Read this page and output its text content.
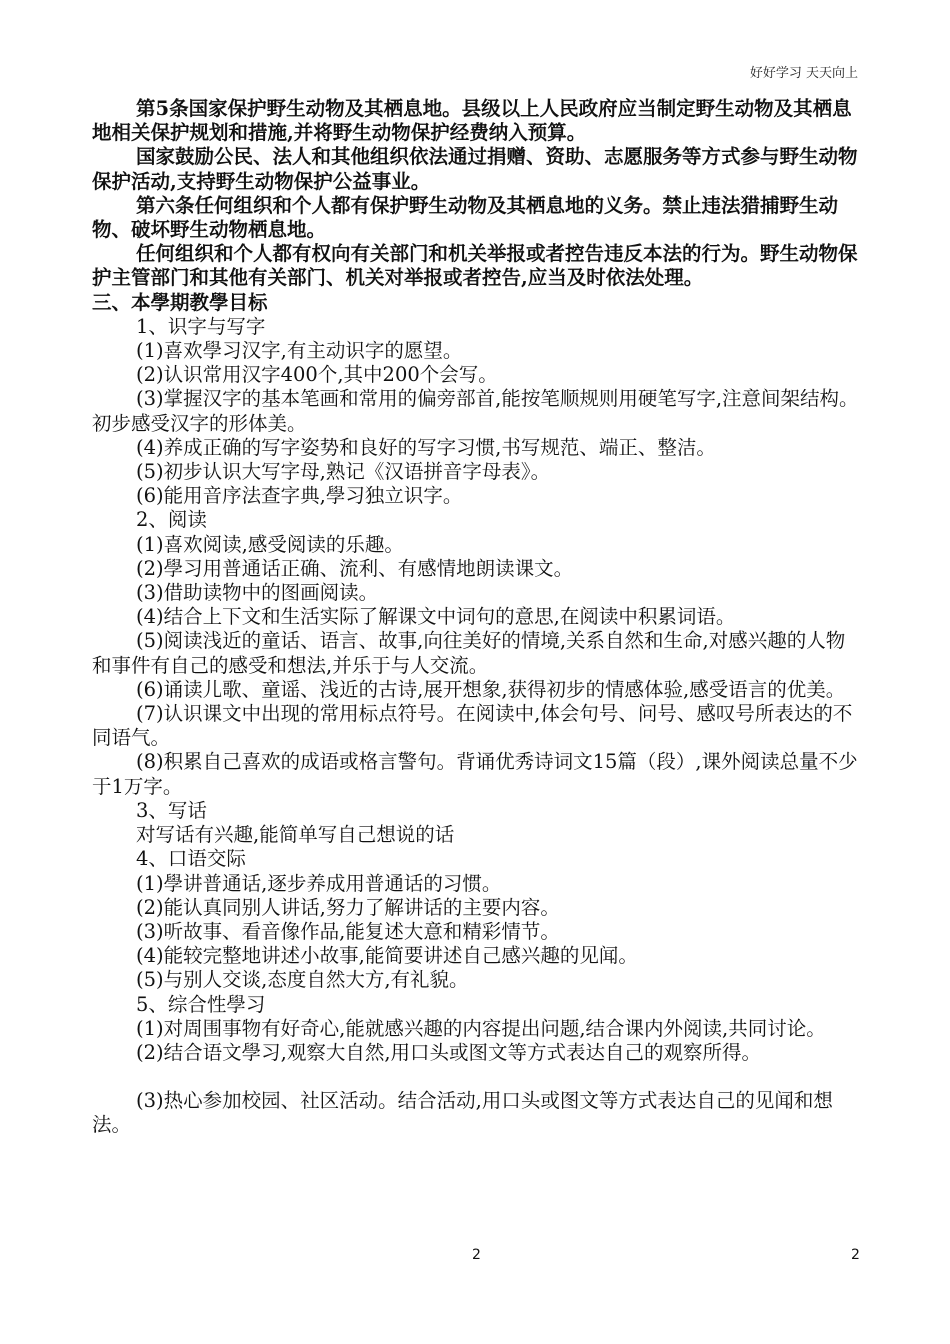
好好学习 天天向上

第5条国家保护野生动物及其栖息地。县级以上人民政府应当制定野生动物及其栖息地相关保护规划和措施,并将野生动物保护经费纳入预算。

国家鼓励公民、法人和其他组织依法通过捐赠、资助、志愿服务等方式参与野生动物保护活动,支持野生动物保护公益事业。

第六条任何组织和个人都有保护野生动物及其栖息地的义务。禁止违法猎捕野生动物、破坏野生动物栖息地。

任何组织和个人都有权向有关部门和机关举报或者控告违反本法的行为。野生动物保护主管部门和其他有关部门、机关对举报或者控告,应当及时依法处理。

三、本學期教學目标

1、识字与写字

(1)喜欢學习汉字,有主动识字的愿望。

(2)认识常用汉字400个,其中200个会写。

(3)掌握汉字的基本笔画和常用的偏旁部首,能按笔顺规则用硬笔写字,注意间架结构。初步感受汉字的形体美。

(4)养成正确的写字姿势和良好的写字习惯,书写规范、端正、整洁。

(5)初步认识大写字母,熟记《汉语拼音字母表》。

(6)能用音序法查字典,學习独立识字。

2、阅读

(1)喜欢阅读,感受阅读的乐趣。

(2)學习用普通话正确、流利、有感情地朗读课文。

(3)借助读物中的图画阅读。

(4)结合上下文和生活实际了解课文中词句的意思,在阅读中积累词语。

(5)阅读浅近的童话、语言、故事,向往美好的情境,关系自然和生命,对感兴趣的人物和事件有自己的感受和想法,并乐于与人交流。

(6)诵读儿歌、童谣、浅近的古诗,展开想象,获得初步的情感体验,感受语言的优美。

(7)认识课文中出现的常用标点符号。在阅读中,体会句号、问号、感叹号所表达的不同语气。

(8)积累自己喜欢的成语或格言警句。背诵优秀诗词文15篇（段）,课外阅读总量不少于1万字。

3、写话

对写话有兴趣,能简单写自己想说的话

4、口语交际

(1)學讲普通话,逐步养成用普通话的习惯。

(2)能认真同别人讲话,努力了解讲话的主要内容。

(3)听故事、看音像作品,能复述大意和精彩情节。

(4)能较完整地讲述小故事,能简要讲述自己感兴趣的见闻。

(5)与别人交谈,态度自然大方,有礼貌。

5、综合性學习

(1)对周围事物有好奇心,能就感兴趣的内容提出问题,结合课内外阅读,共同讨论。

(2)结合语文學习,观察大自然,用口头或图文等方式表达自己的观察所得。

(3)热心参加校园、社区活动。结合活动,用口头或图文等方式表达自己的见闻和想法。

2	2
